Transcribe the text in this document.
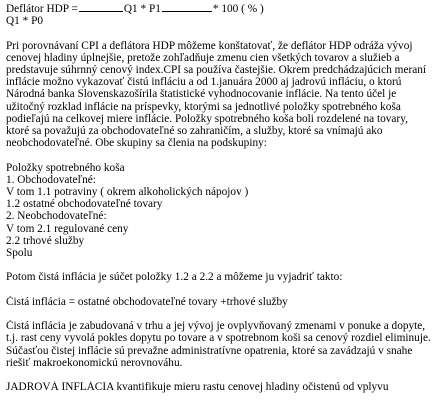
Deflátor HDP =	Q1 * P1	* 100 ( % )
Q1 * P0
Pri porovnávaní CPI a deflátora HDP môžeme konštatovať, že deflátor HDP odráža vývoj
cenovej hladiny úplnejšie, pretože zohľadňuje zmenu cien všetkých tovarov a služieb a
predstavuje súhrnný cenový index.CPI sa používa častejšie. Okrem predchádzajúcich meraní
inflácie možno vykazovať čistú infláciu a od 1.januára 2000 aj jadrovú infláciu, o ktorú
Národná banka Slovenskazošírila štatistické vyhodnocovanie inflácie. Na tento účel je
užitočný rozklad inflácie na príspevky, ktorými sa jednotlivé položky spotrebného koša
podieľajú na celkovej miere inflácie. Položky spotrebného koša boli rozdelené na tovary,
ktoré sa považujú za obchodovateľné so zahraničím, a služby, ktoré sa vnímajú ako
neobchodovateľné. Obe skupiny sa členia na podskupiny:
Položky spotrebného koša
1. Obchodovateľné:
V tom 1.1 potraviny ( okrem alkoholických nápojov )
1.2 ostatné obchodovateľné tovary
2. Neobchodovateľné:
V tom 2.1 regulované ceny
2.2 trhové služby
Spolu
Potom čistá inflácia je súčet položky 1.2 a 2.2 a môžeme ju vyjadriť takto:
Čistá inflácia = ostatné obchodovateľné tovary +trhové služby
Čistá inflácia je zabudovaná v trhu a jej vývoj je ovplyvňovaný zmenami v ponuke a dopyte,
t.j. rast ceny vyvolá pokles dopytu po tovare a v spotrebnom koši sa cenový rozdiel eliminuje.
Súčasťou čistej inflácie sú prevažne administratívne opatrenia, ktoré sa zavádzajú v snahe
riešiť makroekonomickú nerovnováhu.
JADROVÁ INFLÁCIA kvantifikuje mieru rastu cenovej hladiny očistenú od vplyvu
